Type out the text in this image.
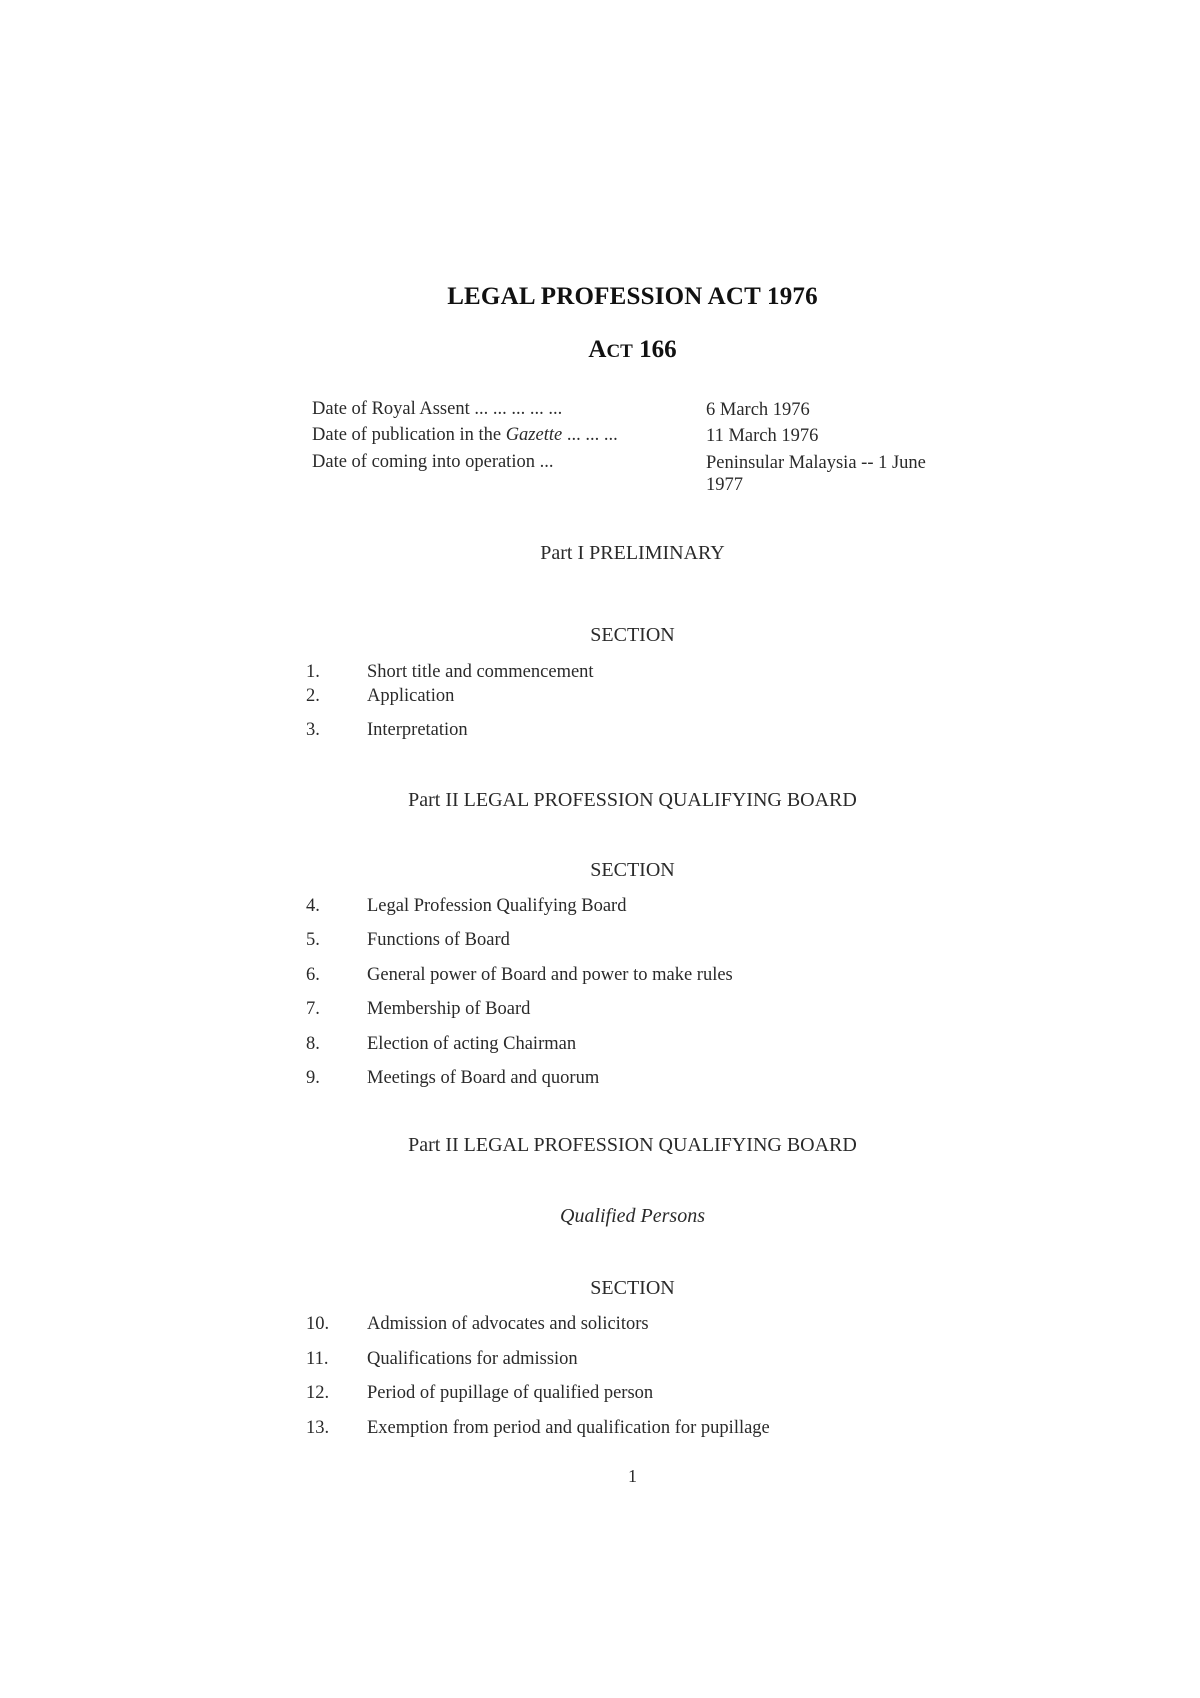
LEGAL PROFESSION ACT 1976
ACT 166
Date of Royal Assent ... ... ... ... ...	6 March 1976
Date of publication in the Gazette ... ... ...	11 March 1976
Date of coming into operation ...	Peninsular Malaysia -- 1 June 1977
Part I PRELIMINARY
SECTION
1.	Short title and commencement
2.	Application
3.	Interpretation
Part II LEGAL PROFESSION QUALIFYING BOARD
SECTION
4.	Legal Profession Qualifying Board
5.	Functions of Board
6.	General power of Board and power to make rules
7.	Membership of Board
8.	Election of acting Chairman
9.	Meetings of Board and quorum
Part II LEGAL PROFESSION QUALIFYING BOARD
Qualified Persons
SECTION
10. Admission of advocates and solicitors
11. Qualifications for admission
12. Period of pupillage of qualified person
13. Exemption from period and qualification for pupillage
1
